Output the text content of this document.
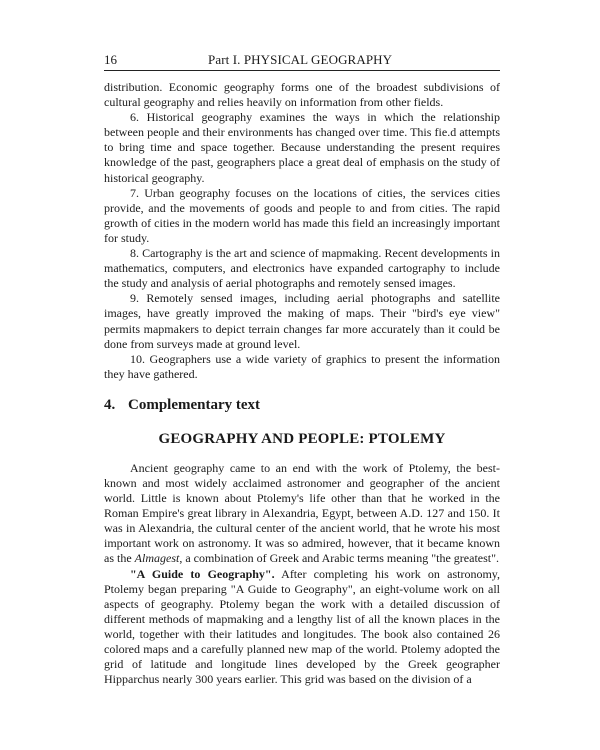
16	Part I. PHYSICAL GEOGRAPHY

distribution. Economic geography forms one of the broadest subdivisions of cultural geography and relies heavily on information from other fields.

6. Historical geography examines the ways in which the relationship between people and their environments has changed over time. This fie.d attempts to bring time and space together. Because understanding the present requires knowledge of the past, geographers place a great deal of emphasis on the study of historical geography.

7. Urban geography focuses on the locations of cities, the services cities provide, and the movements of goods and people to and from cities. The rapid growth of cities in the modern world has made this field an increasingly important for study.

8. Cartography is the art and science of mapmaking. Recent developments in mathematics, computers, and electronics have expanded cartography to include the study and analysis of aerial photographs and remotely sensed images.

9. Remotely sensed images, including aerial photographs and satellite images, have greatly improved the making of maps. Their "bird's eye view" permits mapmakers to depict terrain changes far more accurately than it could be done from surveys made at ground level.

10. Geographers use a wide variety of graphics to present the information they have gathered.

4. Complementary text
GEOGRAPHY AND PEOPLE: PTOLEMY

Ancient geography came to an end with the work of Ptolemy, the best-known and most widely acclaimed astronomer and geographer of the ancient world. Little is known about Ptolemy's life other than that he worked in the Roman Empire's great library in Alexandria, Egypt, between A.D. 127 and 150. It was in Alexandria, the cultural center of the ancient world, that he wrote his most important work on astronomy. It was so admired, however, that it became known as the Almagest, a combination of Greek and Arabic terms meaning "the greatest".

"A Guide to Geography". After completing his work on astronomy, Ptolemy began preparing "A Guide to Geography", an eight-volume work on all aspects of geography. Ptolemy began the work with a detailed discussion of different methods of mapmaking and a lengthy list of all the known places in the world, together with their latitudes and longitudes. The book also contained 26 colored maps and a carefully planned new map of the world. Ptolemy adopted the grid of latitude and longitude lines developed by the Greek geographer Hipparchus nearly 300 years earlier. This grid was based on the division of a
